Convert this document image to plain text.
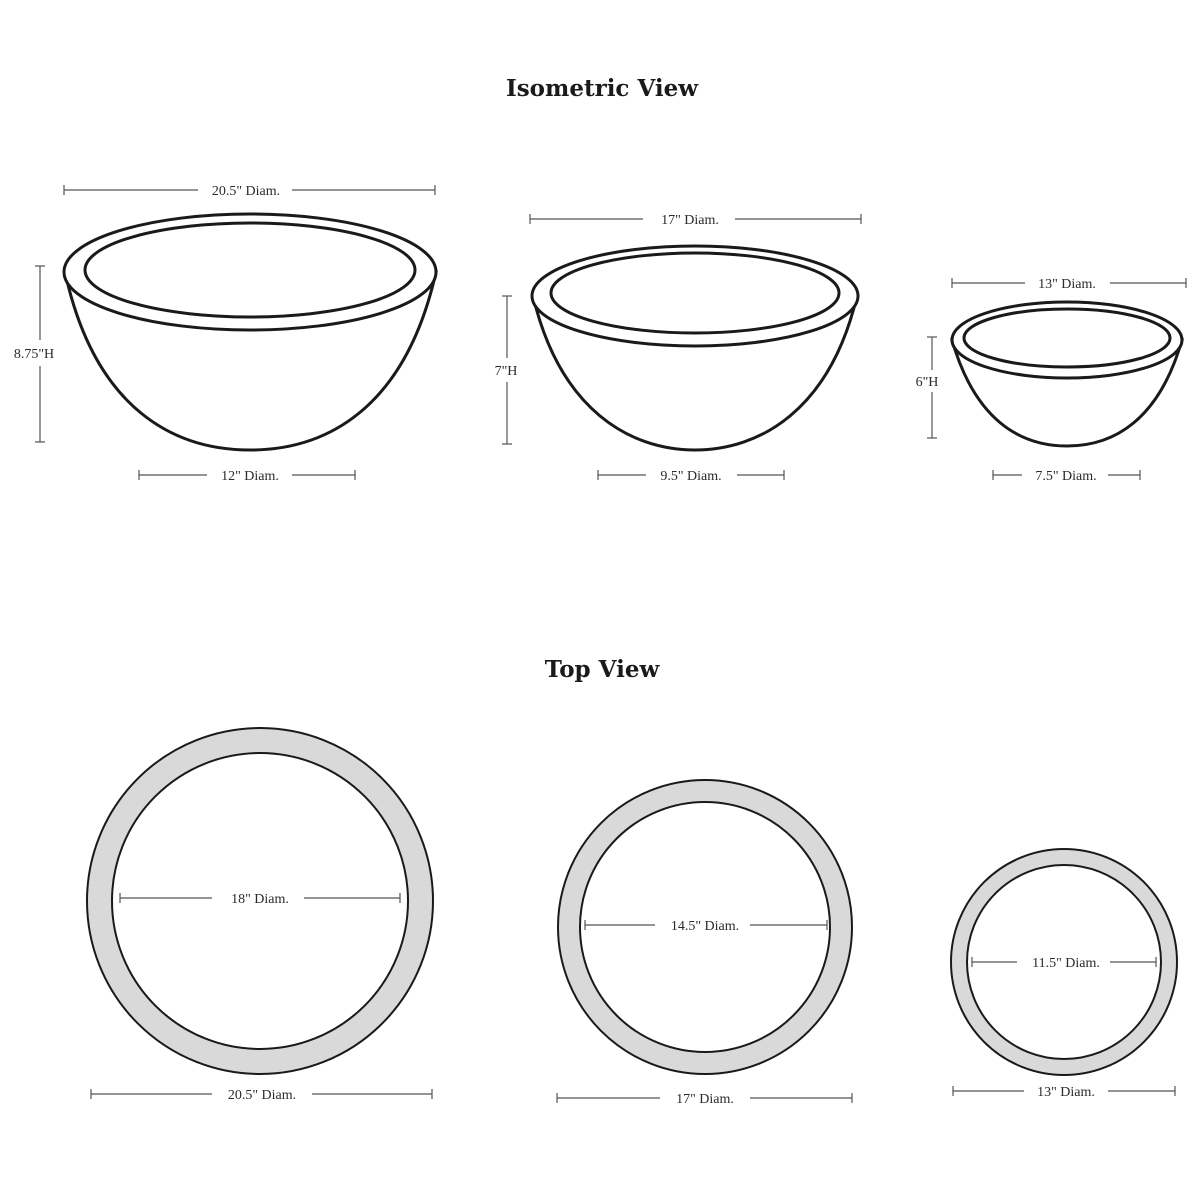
Isometric View
20.5" Diam.
8.75"H
12" Diam.
17" Diam.
7"H
9.5" Diam.
13" Diam.
6"H
7.5" Diam.
Top View
18" Diam.
20.5" Diam.
14.5" Diam.
17" Diam.
11.5" Diam.
13" Diam.
